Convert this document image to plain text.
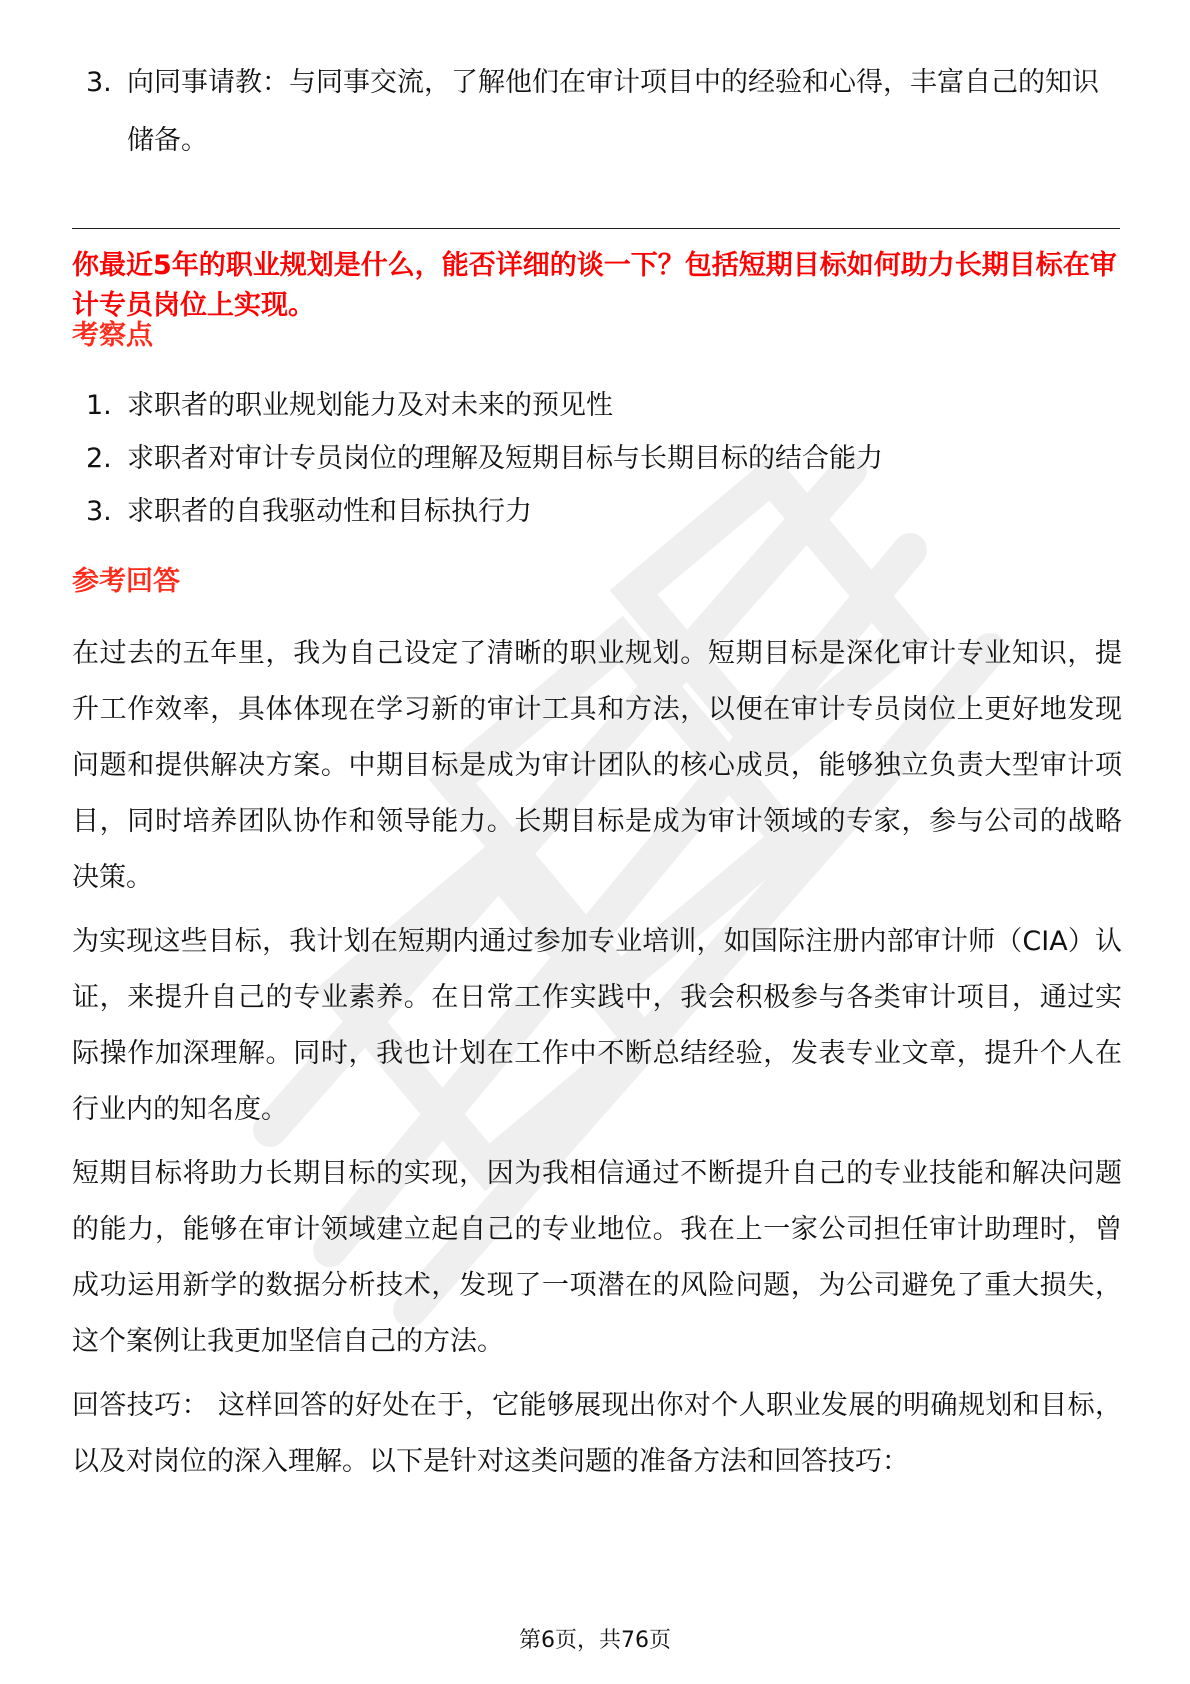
3. 向同事请教：与同事交流，了解他们在审计项目中的经验和心得，丰富自己的知识储备。
你最近5年的职业规划是什么，能否详细的谈一下？包括短期目标如何助力长期目标在审计专员岗位上实现。
考察点
1. 求职者的职业规划能力及对未来的预见性
2. 求职者对审计专员岗位的理解及短期目标与长期目标的结合能力
3. 求职者的自我驱动性和目标执行力
参考回答
在过去的五年里，我为自己设定了清晰的职业规划。短期目标是深化审计专业知识，提升工作效率，具体体现在学习新的审计工具和方法，以便在审计专员岗位上更好地发现问题和提供解决方案。中期目标是成为审计团队的核心成员，能够独立负责大型审计项目，同时培养团队协作和领导能力。长期目标是成为审计领域的专家，参与公司的战略决策。
为实现这些目标，我计划在短期内通过参加专业培训，如国际注册内部审计师（CIA）认证，来提升自己的专业素养。在日常工作实践中，我会积极参与各类审计项目，通过实际操作加深理解。同时，我也计划在工作中不断总结经验，发表专业文章，提升个人在行业内的知名度。
短期目标将助力长期目标的实现，因为我相信通过不断提升自己的专业技能和解决问题的能力，能够在审计领域建立起自己的专业地位。我在上一家公司担任审计助理时，曾成功运用新学的数据分析技术，发现了一项潜在的风险问题，为公司避免了重大损失，这个案例让我更加坚信自己的方法。
回答技巧： 这样回答的好处在于，它能够展现出你对个人职业发展的明确规划和目标，以及对岗位的深入理解。以下是针对这类问题的准备方法和回答技巧：
第6页，共76页
